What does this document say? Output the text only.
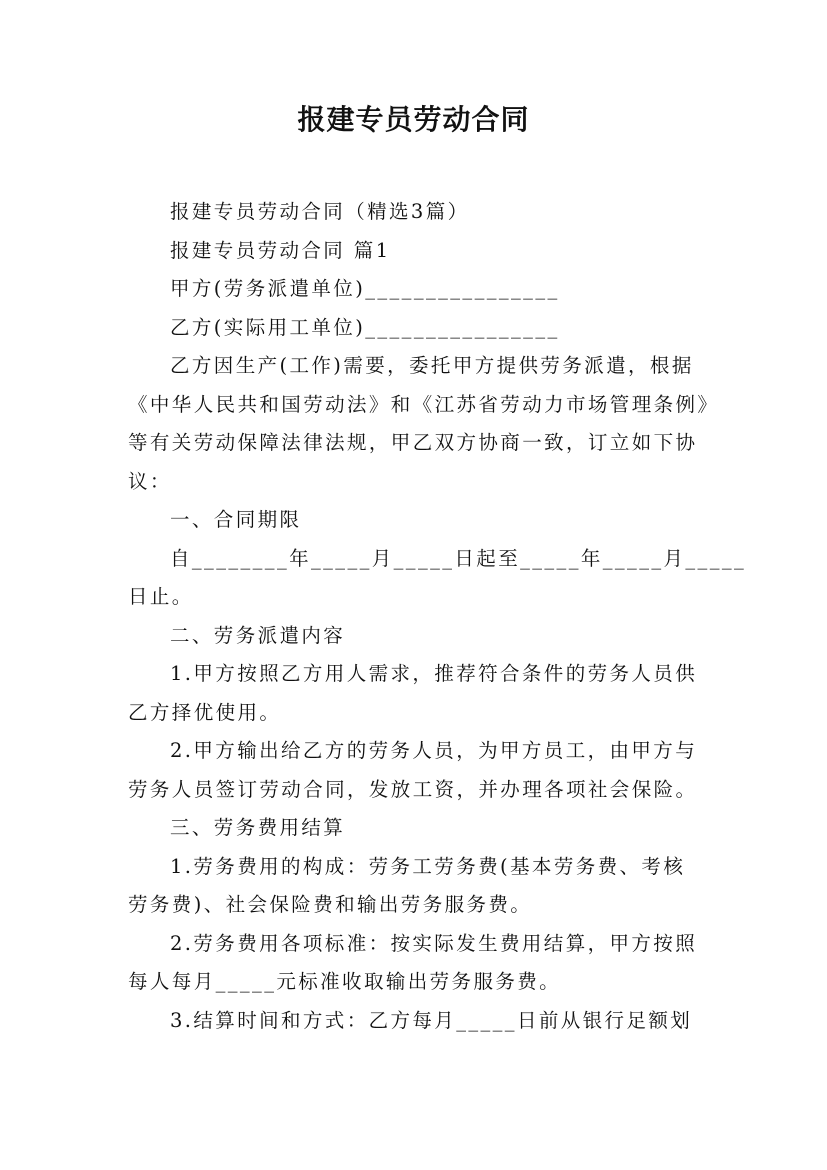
报建专员劳动合同
报建专员劳动合同（精选3篇）
报建专员劳动合同 篇1
甲方(劳务派遣单位)________________
乙方(实际用工单位)________________
乙方因生产(工作)需要，委托甲方提供劳务派遣，根据
《中华人民共和国劳动法》和《江苏省劳动力市场管理条例》
等有关劳动保障法律法规，甲乙双方协商一致，订立如下协
议：
一、合同期限
自________年_____月_____日起至_____年_____月_____
日止。
二、劳务派遣内容
1.甲方按照乙方用人需求，推荐符合条件的劳务人员供
乙方择优使用。
2.甲方输出给乙方的劳务人员，为甲方员工，由甲方与
劳务人员签订劳动合同，发放工资，并办理各项社会保险。
三、劳务费用结算
1.劳务费用的构成：劳务工劳务费(基本劳务费、考核
劳务费)、社会保险费和输出劳务服务费。
2.劳务费用各项标准：按实际发生费用结算，甲方按照
每人每月_____元标准收取输出劳务服务费。
3.结算时间和方式：乙方每月_____日前从银行足额划
